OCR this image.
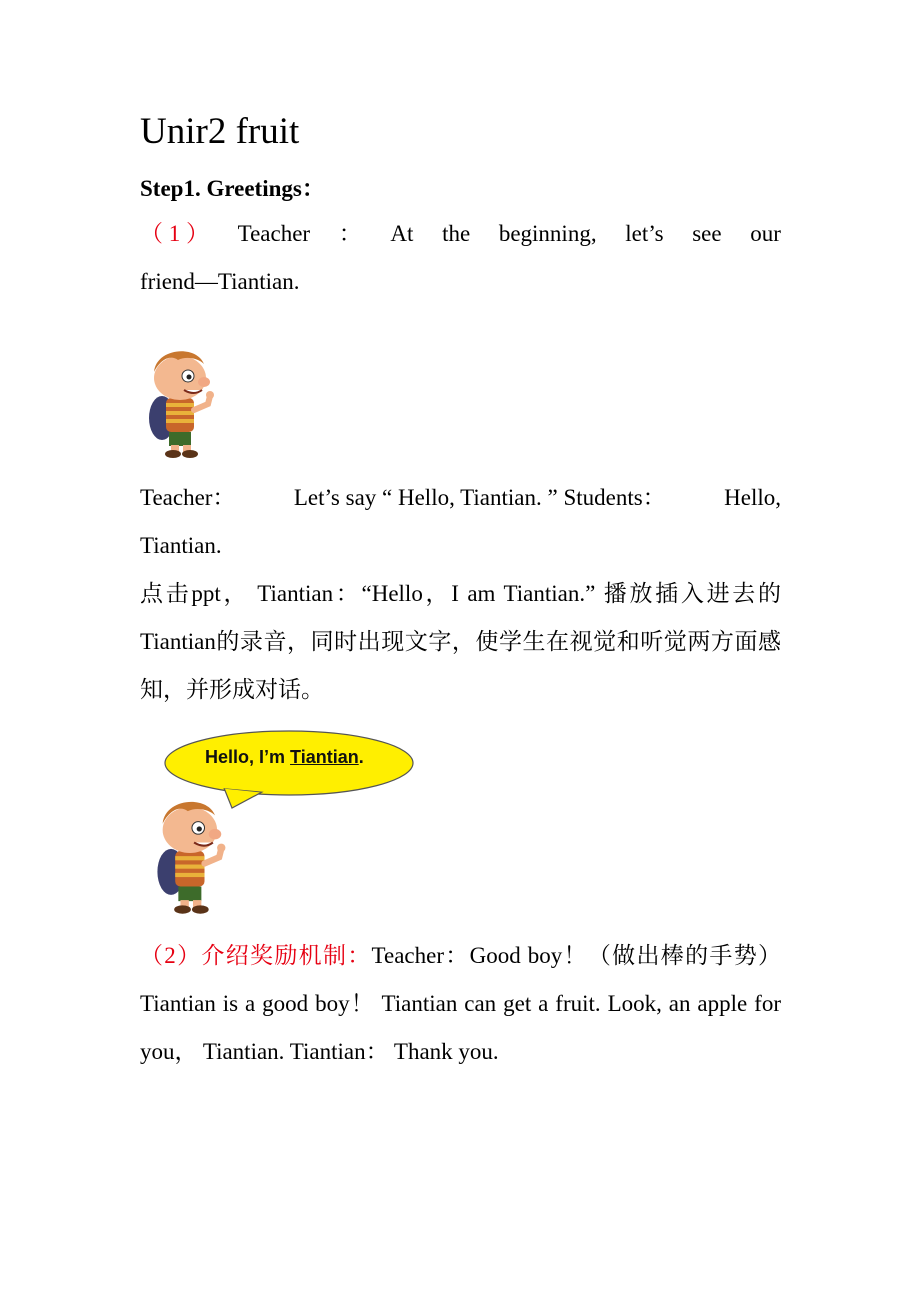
Unir2 fruit
Step1. Greetings：
（ 1 ） Teacher ： At the beginning, let’s see our
friend—Tiantian.
Teacher：	Let’s say “ Hello, Tiantian. ” Students：	Hello,
Tiantian.

点击ppt， Tiantian：“Hello，I am Tiantian.” 播放插入进去的Tiantian的录音，同时出现文字，使学生在视觉和听觉两方面感知，并形成对话。

Hello, I’m Tiantian.

（2）介绍奖励机制：Teacher：Good boy！（做出棒的手势）Tiantian is a good boy！ Tiantian can get a fruit. Look, an apple for you， Tiantian. Tiantian： Thank you.
